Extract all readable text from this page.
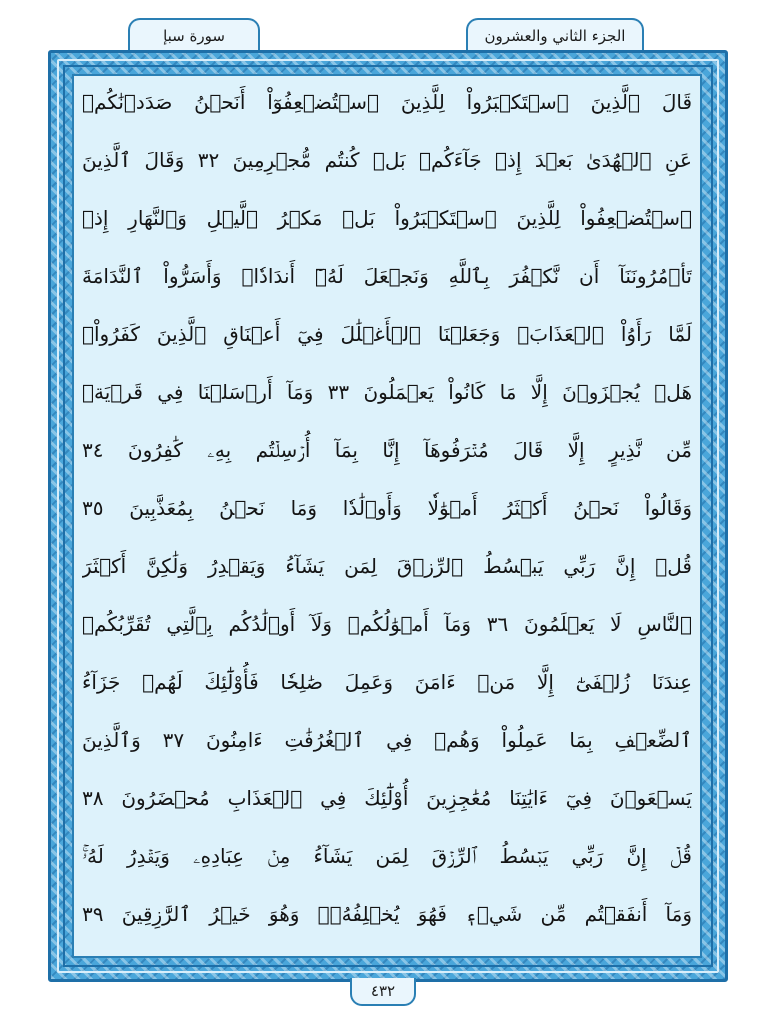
سورة سبإ	الجزء الثاني والعشرون
قَالَ ٱلَّذِينَ ٱسۡتَكۡبَرُواْ لِلَّذِينَ ٱسۡتُضۡعِفُوٓاْ أَنَحۡنُ صَدَدۡنَٰكُمۡ
عَنِ ٱلۡهُدَىٰ بَعۡدَ إِذۡ جَآءَكُمۖ بَلۡ كُنتُم مُّجۡرِمِينَ ٣٢ وَقَالَ ٱلَّذِينَ
ٱسۡتُضۡعِفُواْ لِلَّذِينَ ٱسۡتَكۡبَرُواْ بَلۡ مَكۡرُ ٱلَّيۡلِ وَٱلنَّهَارِ إِذۡ
تَأۡمُرُونَنَآ أَن نَّكۡفُرَ بِٱللَّهِ وَنَجۡعَلَ لَهُۥٓ أَندَادٗاۚ وَأَسَرُّواْ ٱلنَّدَامَةَ
لَمَّا رَأَوُاْ ٱلۡعَذَابَۚ وَجَعَلۡنَا ٱلۡأَغۡلَٰلَ فِيٓ أَعۡنَاقِ ٱلَّذِينَ كَفَرُواْۚ
هَلۡ يُجۡزَوۡنَ إِلَّا مَا كَانُواْ يَعۡمَلُونَ ٣٣ وَمَآ أَرۡسَلۡنَا فِي قَرۡيَةٖ
مِّن نَّذِيرٍ إِلَّا قَالَ مُتۡرَفُوهَآ إِنَّا بِمَآ أُرۡسِلۡتُم بِهِۦ كَٰفِرُونَ ٣٤
وَقَالُواْ نَحۡنُ أَكۡثَرُ أَمۡوَٰلٗا وَأَوۡلَٰدٗا وَمَا نَحۡنُ بِمُعَذَّبِينَ ٣٥
قُلۡ إِنَّ رَبِّي يَبۡسُطُ ٱلرِّزۡقَ لِمَن يَشَآءُ وَيَقۡدِرُ وَلَٰكِنَّ أَكۡثَرَ
ٱلنَّاسِ لَا يَعۡلَمُونَ ٣٦ وَمَآ أَمۡوَٰلُكُمۡ وَلَآ أَوۡلَٰدُكُم بِٱلَّتِي تُقَرِّبُكُمۡ
عِندَنَا زُلۡفَىٰٓ إِلَّا مَنۡ ءَامَنَ وَعَمِلَ صَٰلِحٗا فَأُوْلَٰٓئِكَ لَهُمۡ جَزَآءُ
ٱلضِّعۡفِ بِمَا عَمِلُواْ وَهُمۡ فِي ٱلۡغُرُفَٰتِ ءَامِنُونَ ٣٧ وَٱلَّذِينَ
يَسۡعَوۡنَ فِيٓ ءَايَٰتِنَا مُعَٰجِزِينَ أُوْلَٰٓئِكَ فِي ٱلۡعَذَابِ مُحۡضَرُونَ ٣٨
قُلۡ إِنَّ رَبِّي يَبۡسُطُ ٱلرِّزۡقَ لِمَن يَشَآءُ مِنۡ عِبَادِهِۦ وَيَقۡدِرُ لَهُۥۚ
وَمَآ أَنفَقۡتُم مِّن شَيۡءٖ فَهُوَ يُخۡلِفُهُۥۖ وَهُوَ خَيۡرُ ٱلرَّٰزِقِينَ ٣٩
٤٣٢
